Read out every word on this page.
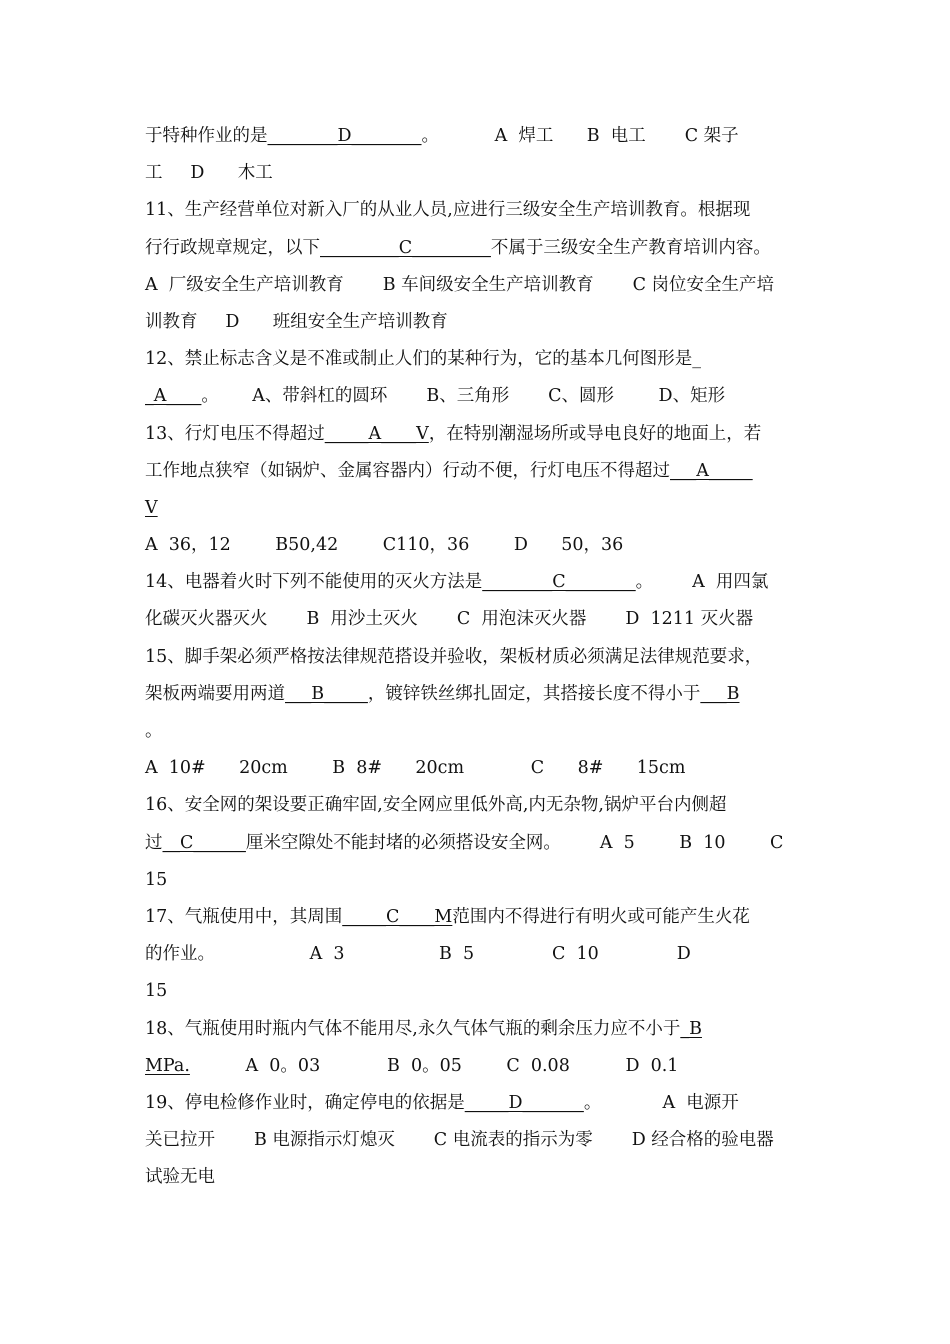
于特种作业的是 ________D________ 。          A  焊工      B  电工       C 架子
工     D      木工
11、生产经营单位对新入厂的从业人员,应进行三级安全生产培训教育。根据现
行行政规章规定，以下 _________C_________ 不属于三级安全生产教育培训内容。
A  厂级安全生产培训教育       B 车间级安全生产培训教育       C 岗位安全生产培
训教育     D      班组安全生产培训教育
12、禁止标志含义是不准或制止人们的某种行为，它的基本几何图形是_
_A____ 。      A、带斜杠的圆环       B、三角形       C、圆形        D、矩形
13、行灯电压不得超过 _____A____V ，在特别潮湿场所或导电良好的地面上，若
工作地点狭窄（如锅炉、金属容器内）行动不便，行灯电压不得超过 ___A_____
V
A  36，12        B50,42        C110，36        D      50，36
14、电器着火时下列不能使用的灭火方法是 ________C________ 。       A  用四氯
化碳灭火器灭火       B  用沙土灭火       C  用泡沫灭火器       D  1211 灭火器
15、脚手架必须严格按法律规范搭设并验收，架板材质必须满足法律规范要求，
架板两端要用两道 ___B_____ ，镀锌铁丝绑扎固定，其搭接长度不得小于 ___B
。
A  10#      20cm        B  8#      20cm            C      8#      15cm
16、安全网的架设要正确牢固,安全网应里低外高,内无杂物,锅炉平台内侧超
过 __C______ 厘米空隙处不能封堵的必须搭设安全网。       A  5        B  10        C
15
17、气瓶使用中，其周围 _____C____M 范围内不得进行有明火或可能产生火花
的作业。                 A  3                 B  5              C  10              D
15
18、气瓶使用时瓶内气体不能用尽,永久气体气瓶的剩余压力应不小于 _B
MPa. A  0。03            B  0。05        C  0.08          D  0.1
19、停电检修作业时，确定停电的依据是 _____D_______ 。           A  电源开
关已拉开       B 电源指示灯熄灭       C 电流表的指示为零       D 经合格的验电器
试验无电
